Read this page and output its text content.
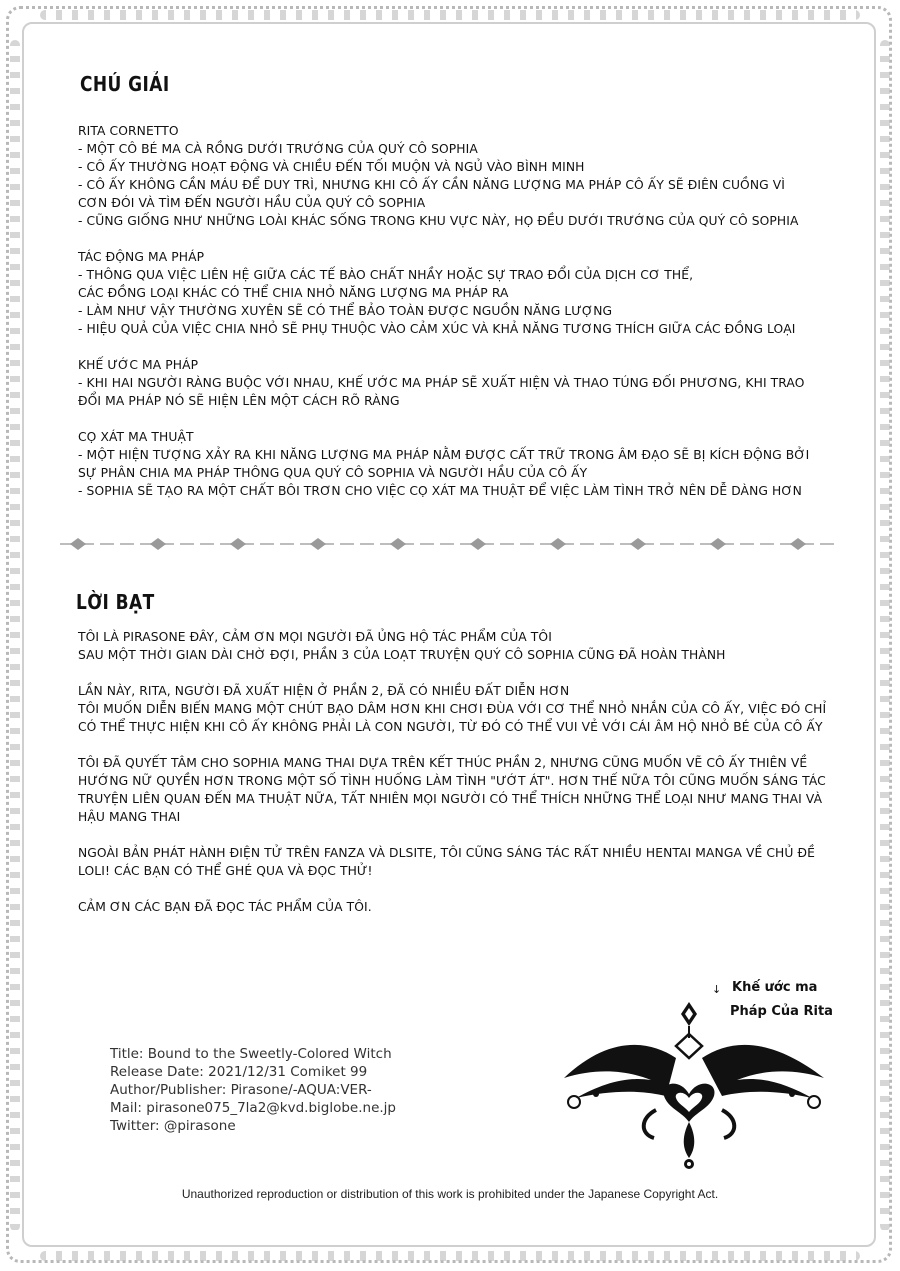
CHÚ GIẢI

RITA CORNETTO

- MỘT CÔ BÉ MA CÀ RỒNG DƯỚI TRƯỚNG CỦA QUÝ CÔ SOPHIA

- CÔ ẤY THƯỜNG HOẠT ĐỘNG VÀ CHIỀU ĐẾN TỐI MUỘN VÀ NGỦ VÀO BÌNH MINH

- CÔ ẤY KHÔNG CẦN MÁU ĐỂ DUY TRÌ, NHƯNG KHI CÔ ẤY CẦN NĂNG LƯỢNG MA PHÁP CÔ ẤY SẼ ĐIÊN CUỒNG VÌ

CƠN ĐÓI VÀ TÌM ĐẾN NGƯỜI HẦU CỦA QUÝ CÔ SOPHIA

- CŨNG GIỐNG NHƯ NHỮNG LOÀI KHÁC SỐNG TRONG KHU VỰC NÀY, HỌ ĐỀU DƯỚI TRƯỚNG CỦA QUÝ CÔ SOPHIA

TÁC ĐỘNG MA PHÁP

- THÔNG QUA VIỆC LIÊN HỆ GIỮA CÁC TẾ BÀO CHẤT NHẦY HOẶC SỰ TRAO ĐỔI CỦA DỊCH CƠ THỂ,

CÁC ĐỒNG LOẠI KHÁC CÓ THỂ CHIA NHỎ NĂNG LƯỢNG MA PHÁP RA

- LÀM NHƯ VẬY THƯỜNG XUYÊN SẼ CÓ THỂ BẢO TOÀN ĐƯỢC NGUỒN NĂNG LƯỢNG

- HIỆU QUẢ CỦA VIỆC CHIA NHỎ SẼ PHỤ THUỘC VÀO CẢM XÚC VÀ KHẢ NĂNG TƯƠNG THÍCH GIỮA CÁC ĐỒNG LOẠI

KHẾ ƯỚC MA PHÁP

- KHI HAI NGƯỜI RÀNG BUỘC VỚI NHAU, KHẾ ƯỚC MA PHÁP SẼ XUẤT HIỆN VÀ THAO TÚNG ĐỐI PHƯƠNG, KHI TRAO

ĐỔI MA PHÁP NÓ SẼ HIỆN LÊN MỘT CÁCH RÕ RÀNG

CỌ XÁT MA THUẬT

- MỘT HIỆN TƯỢNG XẢY RA KHI NĂNG LƯỢNG MA PHÁP NẰM ĐƯỢC CẤT TRỮ TRONG ÂM ĐẠO SẼ BỊ KÍCH ĐỘNG BỞI

SỰ PHÂN CHIA MA PHÁP THÔNG QUA QUÝ CÔ SOPHIA VÀ NGƯỜI HẦU CỦA CÔ ẤY

- SOPHIA SẼ TẠO RA MỘT CHẤT BÔI TRƠN CHO VIỆC CỌ XÁT MA THUẬT ĐỂ VIỆC LÀM TÌNH TRỞ NÊN DỄ DÀNG HƠN

LỜI BẠT

TÔI LÀ PIRASONE ĐÂY, CẢM ƠN MỌI NGƯỜI ĐÃ ỦNG HỘ TÁC PHẨM CỦA TÔI

SAU MỘT THỜI GIAN DÀI CHỜ ĐỢI, PHẦN 3 CỦA LOẠT TRUYỆN QUÝ CÔ SOPHIA CŨNG ĐÃ HOÀN THÀNH

LẦN NÀY, RITA, NGƯỜI ĐÃ XUẤT HIỆN Ở PHẦN 2, ĐÃ CÓ NHIỀU ĐẤT DIỄN HƠN

TÔI MUỐN DIỄN BIẾN MANG MỘT CHÚT BẠO DÂM HƠN KHI CHƠI ĐÙA VỚI CƠ THỂ NHỎ NHẮN CỦA CÔ ẤY, VIỆC ĐÓ CHỈ

CÓ THỂ THỰC HIỆN KHI CÔ ẤY KHÔNG PHẢI LÀ CON NGƯỜI, TỪ ĐÓ CÓ THỂ VUI VẺ VỚI CÁI ÂM HỘ NHỎ BÉ CỦA CÔ ẤY

TÔI ĐÃ QUYẾT TÂM CHO SOPHIA MANG THAI DỰA TRÊN KẾT THÚC PHẦN 2, NHƯNG CŨNG MUỐN VẼ CÔ ẤY THIÊN VỀ

HƯỚNG NỮ QUYỀN HƠN TRONG MỘT SỐ TÌNH HUỐNG LÀM TÌNH "ƯỚT ÁT". HƠN THẾ NỮA TÔI CŨNG MUỐN SÁNG TÁC

TRUYỆN LIÊN QUAN ĐẾN MA THUẬT NỮA, TẤT NHIÊN MỌI NGƯỜI CÓ THỂ THÍCH NHỮNG THỂ LOẠI NHƯ MANG THAI VÀ

HẬU MANG THAI

NGOÀI BẢN PHÁT HÀNH ĐIỆN TỬ TRÊN FANZA VÀ DLSITE, TÔI CŨNG SÁNG TÁC RẤT NHIỀU HENTAI MANGA VỀ CHỦ ĐỀ

LOLI! CÁC BẠN CÓ THỂ GHÉ QUA VÀ ĐỌC THỬ!

CẢM ƠN CÁC BẠN ĐÃ ĐỌC TÁC PHẨM CỦA TÔI.

Title: Bound to the Sweetly-Colored Witch

Release Date: 2021/12/31 Comiket 99

Author/Publisher: Pirasone/-AQUA:VER-

Mail: pirasone075_7la2@kvd.biglobe.ne.jp

Twitter: @pirasone

↓ Khế ước ma

Pháp Của Rita

Unauthorized reproduction or distribution of this work is prohibited under the Japanese Copyright Act.
